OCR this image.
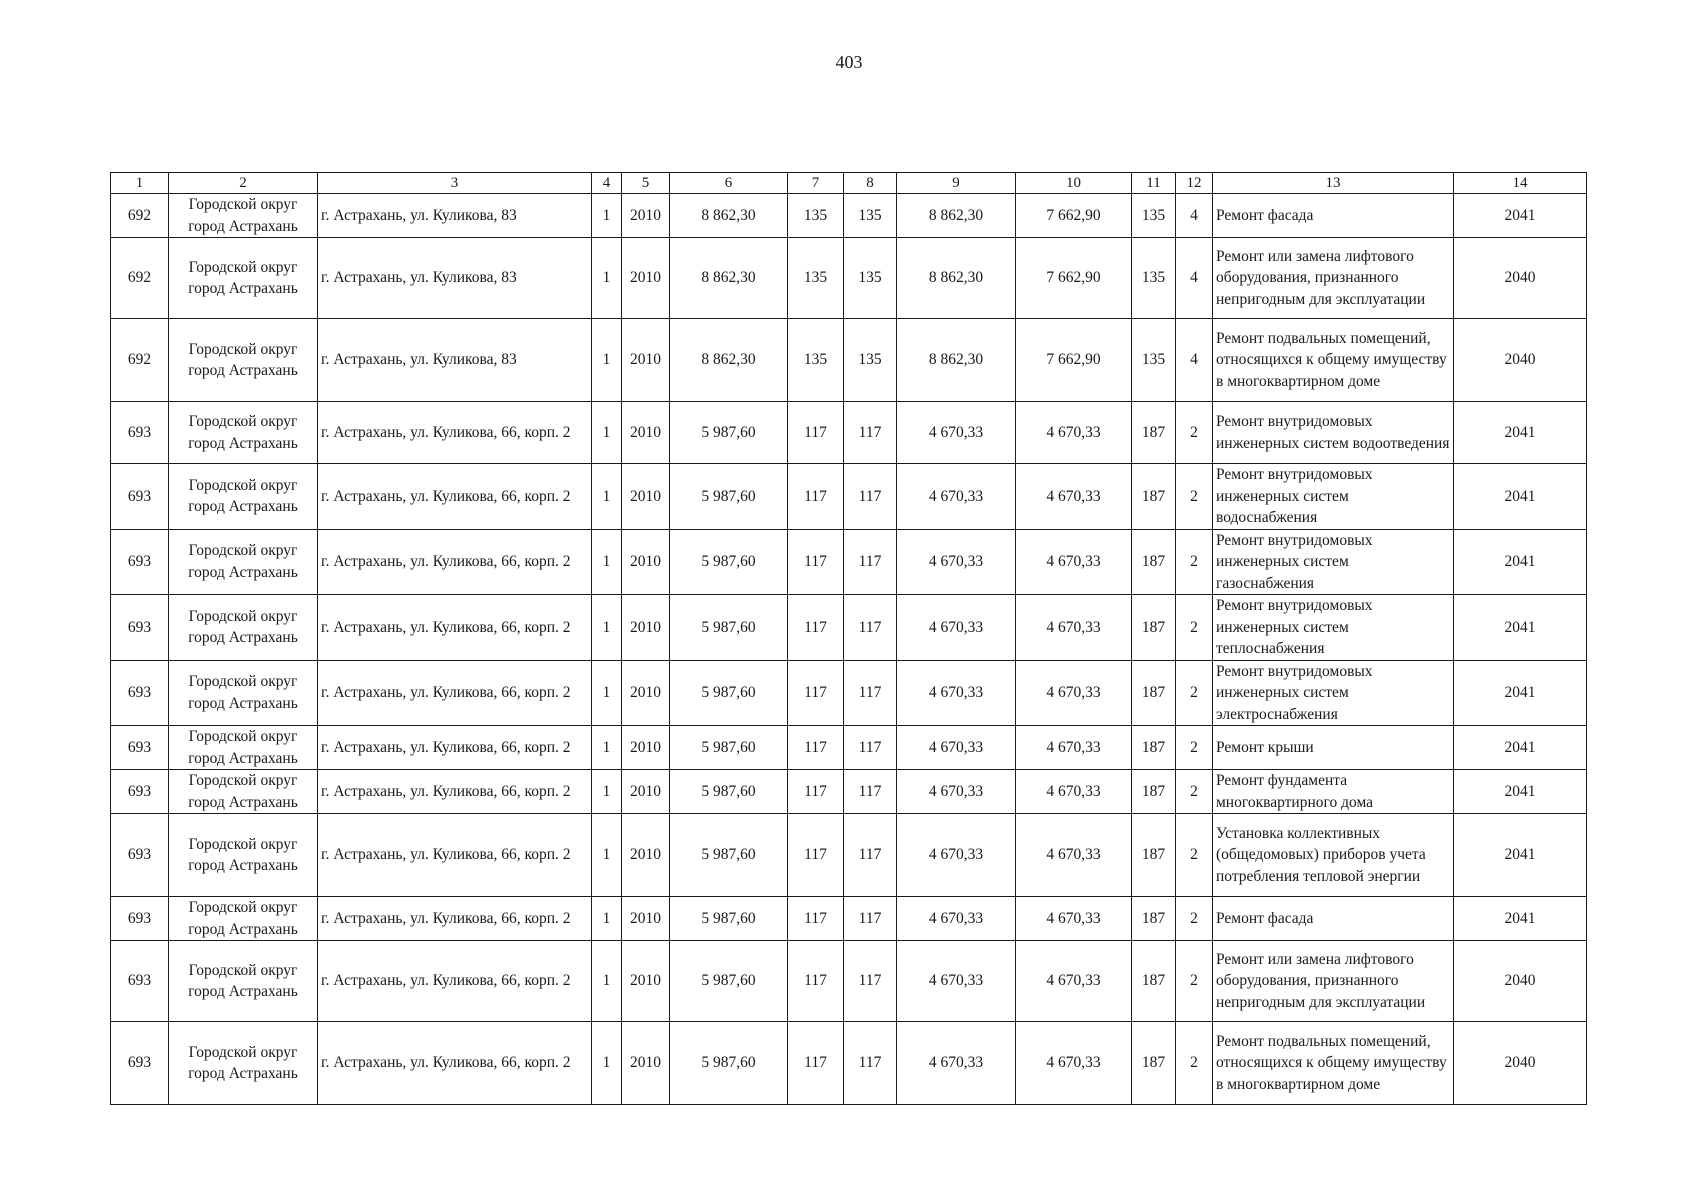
403
1	2	3	4	5	6	7	8	9	10	11	12	13	14
692	Городской округ город Астрахань	г. Астрахань, ул. Куликова, 83	1	2010	8 862,30	135	135	8 862,30	7 662,90	135	4	Ремонт фасада	2041
692	Городской округ город Астрахань	г. Астрахань, ул. Куликова, 83	1	2010	8 862,30	135	135	8 862,30	7 662,90	135	4	Ремонт или замена лифтового оборудования, признанного непригодным для эксплуатации	2040
692	Городской округ город Астрахань	г. Астрахань, ул. Куликова, 83	1	2010	8 862,30	135	135	8 862,30	7 662,90	135	4	Ремонт подвальных помещений, относящихся к общему имуществу в многоквартирном доме	2040
693	Городской округ город Астрахань	г. Астрахань, ул. Куликова, 66, корп. 2	1	2010	5 987,60	117	117	4 670,33	4 670,33	187	2	Ремонт внутридомовых инженерных систем водоотведения	2041
693	Городской округ город Астрахань	г. Астрахань, ул. Куликова, 66, корп. 2	1	2010	5 987,60	117	117	4 670,33	4 670,33	187	2	Ремонт внутридомовых инженерных систем водоснабжения	2041
693	Городской округ город Астрахань	г. Астрахань, ул. Куликова, 66, корп. 2	1	2010	5 987,60	117	117	4 670,33	4 670,33	187	2	Ремонт внутридомовых инженерных систем газоснабжения	2041
693	Городской округ город Астрахань	г. Астрахань, ул. Куликова, 66, корп. 2	1	2010	5 987,60	117	117	4 670,33	4 670,33	187	2	Ремонт внутридомовых инженерных систем теплоснабжения	2041
693	Городской округ город Астрахань	г. Астрахань, ул. Куликова, 66, корп. 2	1	2010	5 987,60	117	117	4 670,33	4 670,33	187	2	Ремонт внутридомовых инженерных систем электроснабжения	2041
693	Городской округ город Астрахань	г. Астрахань, ул. Куликова, 66, корп. 2	1	2010	5 987,60	117	117	4 670,33	4 670,33	187	2	Ремонт крыши	2041
693	Городской округ город Астрахань	г. Астрахань, ул. Куликова, 66, корп. 2	1	2010	5 987,60	117	117	4 670,33	4 670,33	187	2	Ремонт фундамента многоквартирного дома	2041
693	Городской округ город Астрахань	г. Астрахань, ул. Куликова, 66, корп. 2	1	2010	5 987,60	117	117	4 670,33	4 670,33	187	2	Установка коллективных (общедомовых) приборов учета потребления тепловой энергии	2041
693	Городской округ город Астрахань	г. Астрахань, ул. Куликова, 66, корп. 2	1	2010	5 987,60	117	117	4 670,33	4 670,33	187	2	Ремонт фасада	2041
693	Городской округ город Астрахань	г. Астрахань, ул. Куликова, 66, корп. 2	1	2010	5 987,60	117	117	4 670,33	4 670,33	187	2	Ремонт или замена лифтового оборудования, признанного непригодным для эксплуатации	2040
693	Городской округ город Астрахань	г. Астрахань, ул. Куликова, 66, корп. 2	1	2010	5 987,60	117	117	4 670,33	4 670,33	187	2	Ремонт подвальных помещений, относящихся к общему имуществу в многоквартирном доме	2040
